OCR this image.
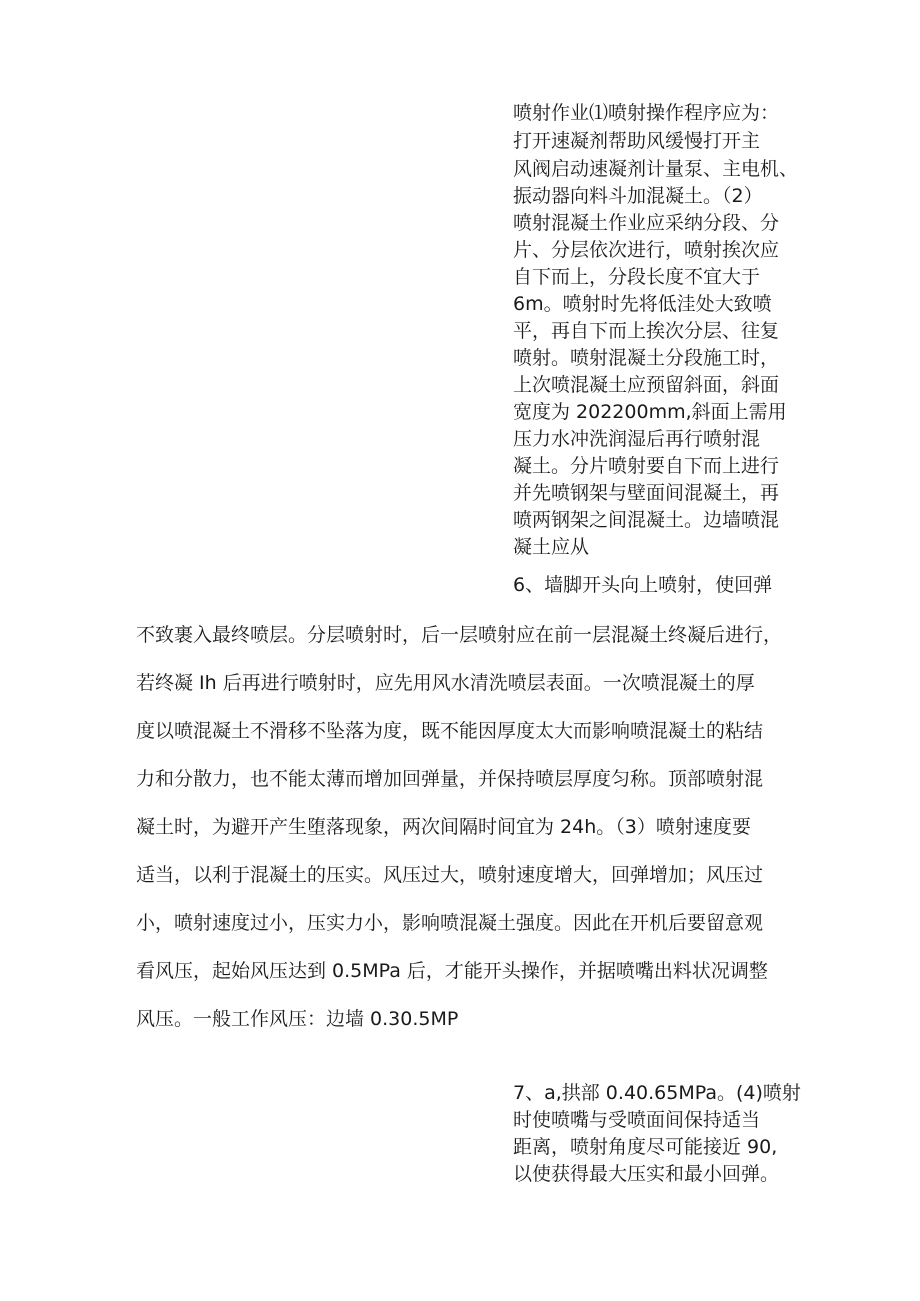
喷射作业⑴喷射操作程序应为：
打开速凝剂帮助风缓慢打开主
风阀启动速凝剂计量泵、主电机、
振动器向料斗加混凝土。（2）
喷射混凝土作业应采纳分段、分
片、分层依次进行，喷射挨次应
自下而上，分段长度不宜大于
6m。喷射时先将低洼处大致喷
平，再自下而上挨次分层、往复
喷射。喷射混凝土分段施工时，
上次喷混凝土应预留斜面，斜面
宽度为 202200mm,斜面上需用
压力水冲洗润湿后再行喷射混
凝土。分片喷射要自下而上进行
并先喷钢架与壁面间混凝土，再
喷两钢架之间混凝土。边墙喷混
凝土应从
6、墙脚开头向上喷射，使回弹
不致裹入最终喷层。分层喷射时，后一层喷射应在前一层混凝土终凝后进行，
若终凝 Ih 后再进行喷射时，应先用风水清洗喷层表面。一次喷混凝土的厚
度以喷混凝土不滑移不坠落为度，既不能因厚度太大而影响喷混凝土的粘结
力和分散力，也不能太薄而增加回弹量，并保持喷层厚度匀称。顶部喷射混
凝土时，为避开产生堕落现象，两次间隔时间宜为 24h。（3）喷射速度要
适当，以利于混凝土的压实。风压过大，喷射速度增大，回弹增加；风压过
小，喷射速度过小，压实力小，影响喷混凝土强度。因此在开机后要留意观
看风压，起始风压达到 0.5MPa 后，才能开头操作，并据喷嘴出料状况调整
风压。一般工作风压：边墙 0.30.5MP
7、a,拱部 0.40.65MPa。(4)喷射
时使喷嘴与受喷面间保持适当
距离，喷射角度尽可能接近 90,
以使获得最大压实和最小回弹。
